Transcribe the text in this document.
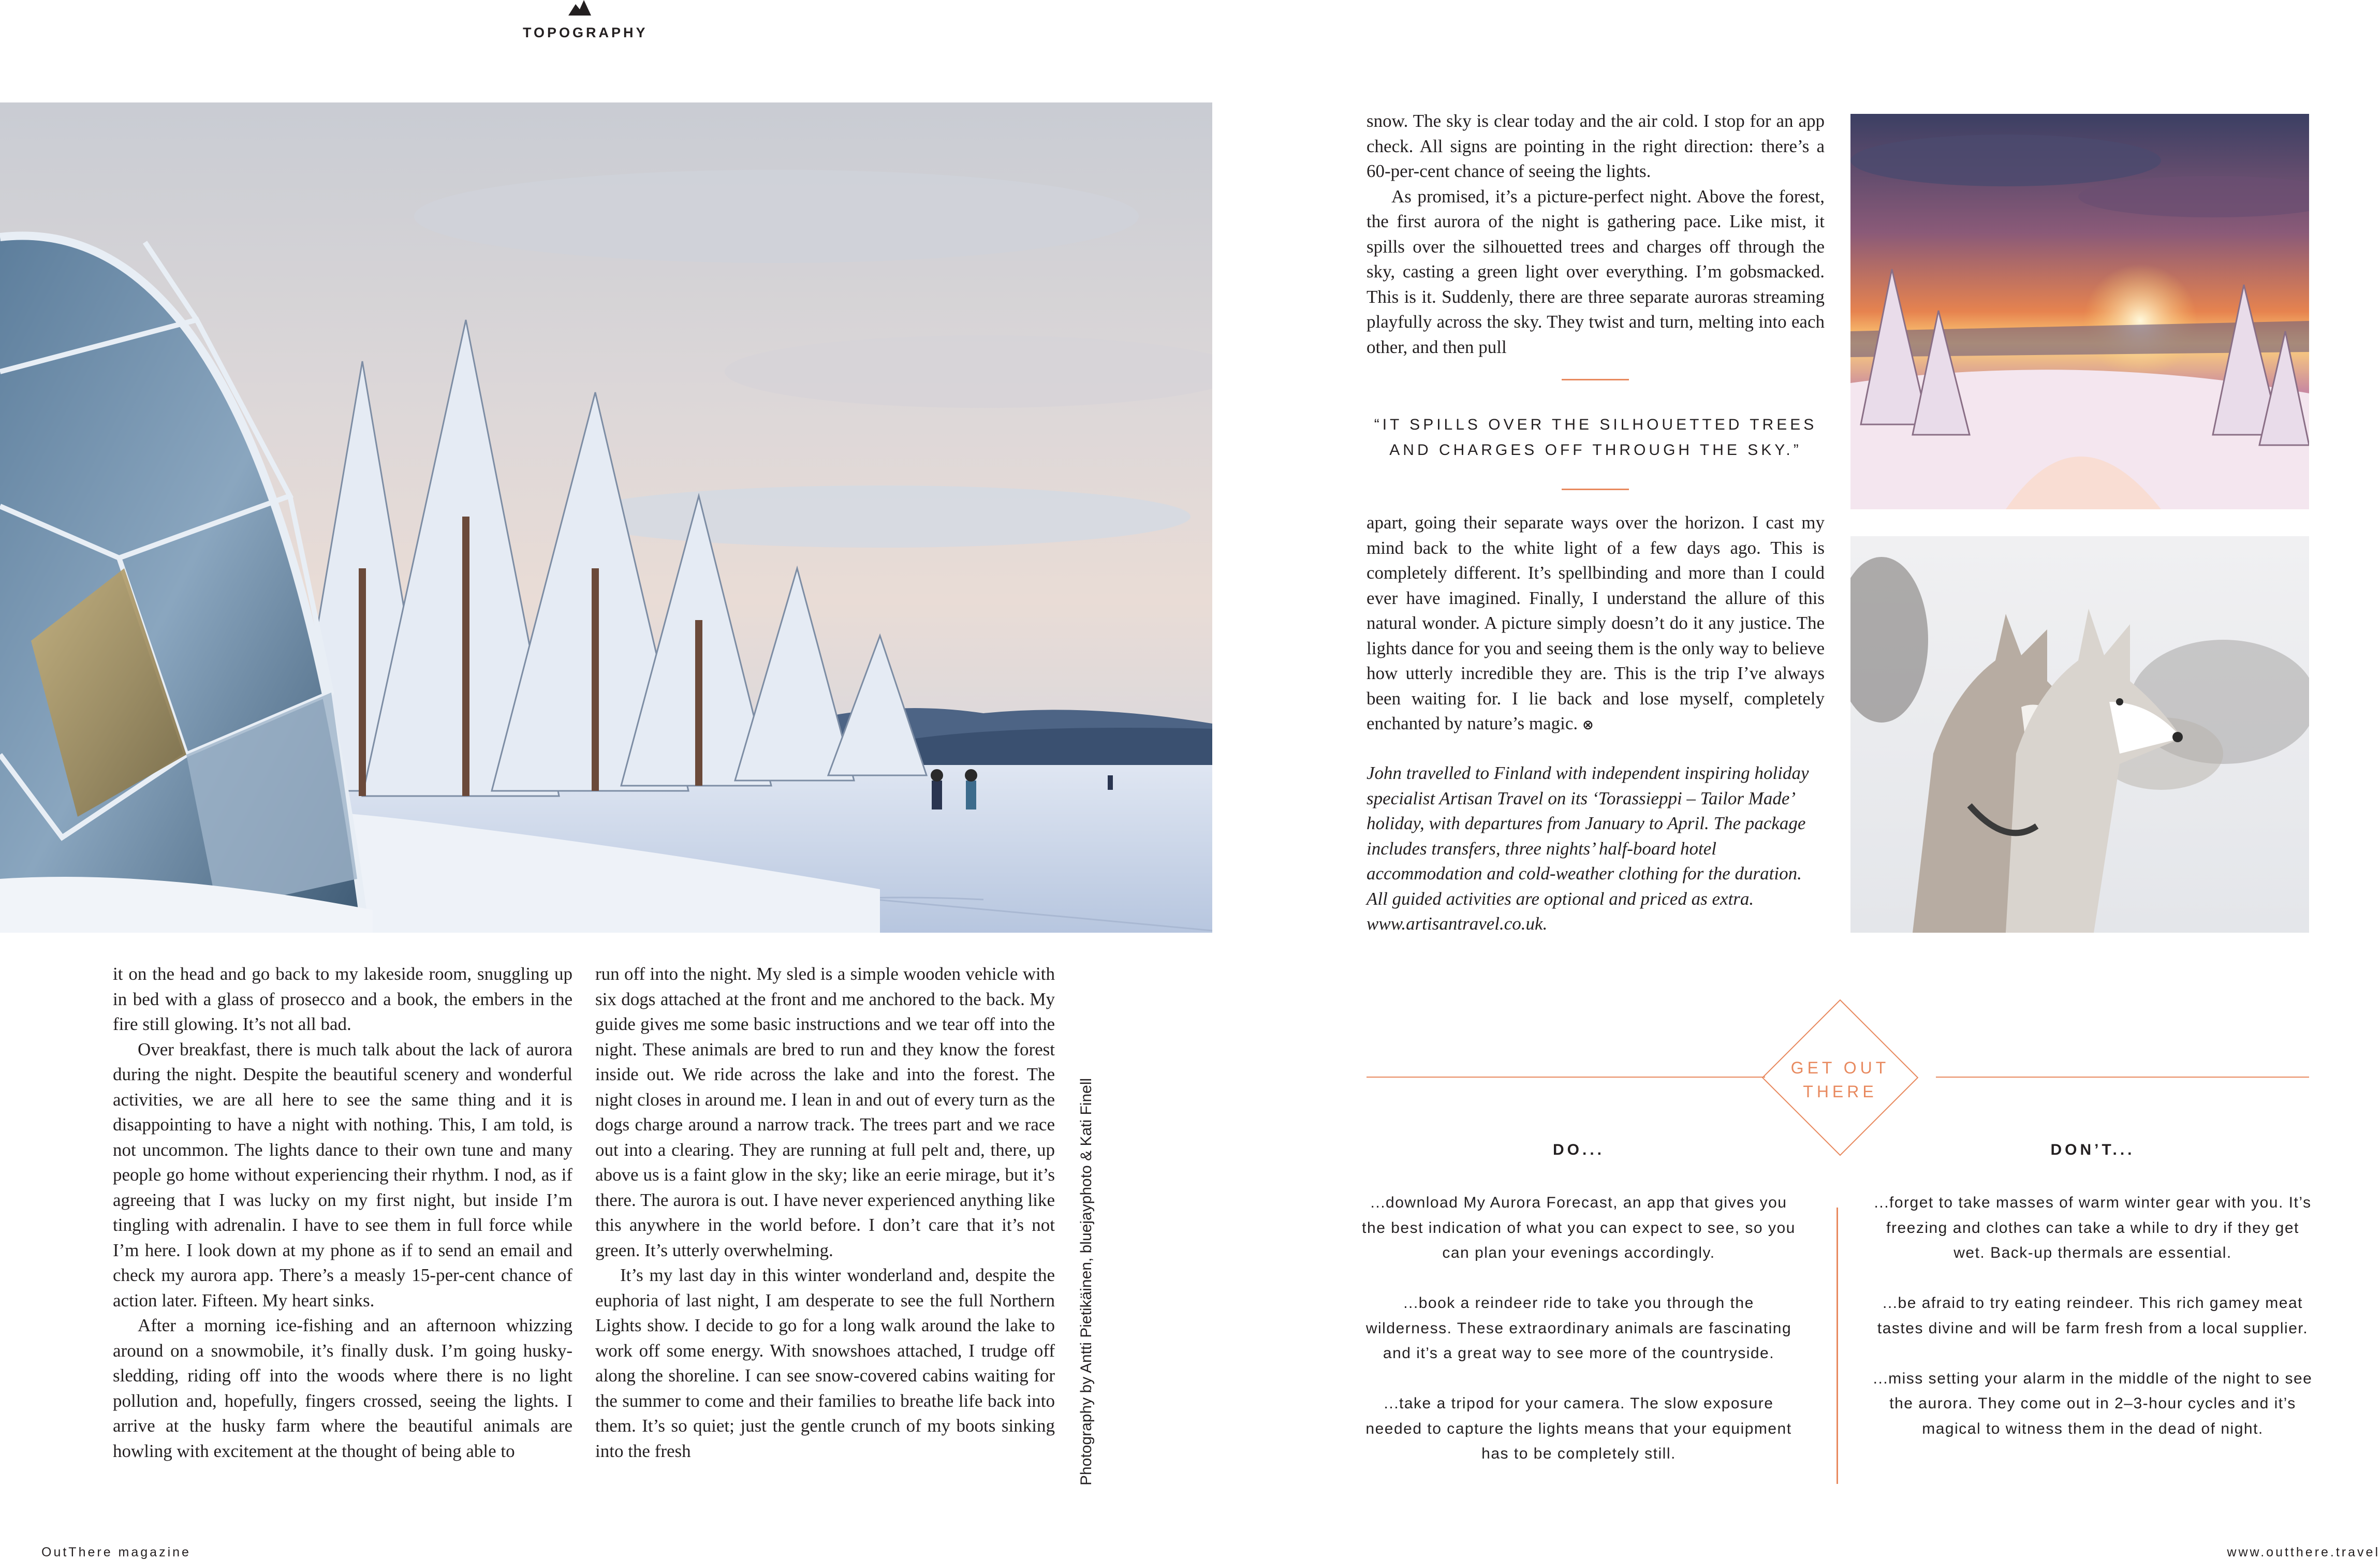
TOPOGRAPHY

it on the head and go back to my lakeside room, snuggling up in bed with a glass of prosecco and a book, the embers in the fire still glowing. It’s not all bad.

Over breakfast, there is much talk about the lack of aurora during the night. Despite the beautiful scenery and wonderful activities, we are all here to see the same thing and it is disappointing to have a night with nothing. This, I am told, is not uncommon. The lights dance to their own tune and many people go home without experiencing their rhythm. I nod, as if agreeing that I was lucky on my first night, but inside I’m tingling with adrenalin. I have to see them in full force while I’m here. I look down at my phone as if to send an email and check my aurora app. There’s a measly 15-per-cent chance of action later. Fifteen. My heart sinks.

After a morning ice-fishing and an afternoon whizzing around on a snowmobile, it’s finally dusk. I’m going husky-sledding, riding off into the woods where there is no light pollution and, hopefully, fingers crossed, seeing the lights. I arrive at the husky farm where the beautiful animals are howling with excitement at the thought of being able to

run off into the night. My sled is a simple wooden vehicle with six dogs attached at the front and me anchored to the back. My guide gives me some basic instructions and we tear off into the night. These animals are bred to run and they know the forest inside out. We ride across the lake and into the forest. The night closes in around me. I lean in and out of every turn as the dogs charge around a narrow track. The trees part and we race out into a clearing. They are running at full pelt and, there, up above us is a faint glow in the sky; like an eerie mirage, but it’s there. The aurora is out. I have never experienced anything like this anywhere in the world before. I don’t care that it’s not green. It’s utterly overwhelming.

It’s my last day in this winter wonderland and, despite the euphoria of last night, I am desperate to see the full Northern Lights show. I decide to go for a long walk around the lake to work off some energy. With snowshoes attached, I trudge off along the shoreline. I can see snow-covered cabins waiting for the summer to come and their families to breathe life back into them. It’s so quiet; just the gentle crunch of my boots sinking into the fresh	Photography by Antti Pietikäinen, bluejayphoto & Kati Finell

snow. The sky is clear today and the air cold. I stop for an app check. All signs are pointing in the right direction: there’s a 60-per-cent chance of seeing the lights.

As promised, it’s a picture-perfect night. Above the forest, the first aurora of the night is gathering pace. Like mist, it spills over the silhouetted trees and charges off through the sky, casting a green light over everything. I’m gobsmacked. This is it. Suddenly, there are three separate auroras streaming playfully across the sky. They twist and turn, melting into each other, and then pull

“IT SPILLS OVER THE SILHOUETTED TREES AND CHARGES OFF THROUGH THE SKY.”

apart, going their separate ways over the horizon. I cast my mind back to the white light of a few days ago. This is completely different. It’s spellbinding and more than I could ever have imagined. Finally, I understand the allure of this natural wonder. A picture simply doesn’t do it any justice. The lights dance for you and seeing them is the only way to believe how utterly incredible they are. This is the trip I’ve always been waiting for. I lie back and lose myself, completely enchanted by nature’s magic. ⊗

John travelled to Finland with independent inspiring holiday specialist Artisan Travel on its ‘Torassieppi – Tailor Made’ holiday, with departures from January to April. The package includes transfers, three nights’ half-board hotel accommodation and cold-weather clothing for the duration. All guided activities are optional and priced as extra. www.artisantravel.co.uk.

GET OUT THERE
DO...	DON’T...

...download My Aurora Forecast, an app that gives you the best indication of what you can expect to see, so you can plan your evenings accordingly.

...book a reindeer ride to take you through the wilderness. These extraordinary animals are fascinating and it’s a great way to see more of the countryside.

...take a tripod for your camera. The slow exposure needed to capture the lights means that your equipment has to be completely still.

...forget to take masses of warm winter gear with you. It’s freezing and clothes can take a while to dry if they get wet. Back-up thermals are essential.

...be afraid to try eating reindeer. This rich gamey meat tastes divine and will be farm fresh from a local supplier.

...miss setting your alarm in the middle of the night to see the aurora. They come out in 2–3-hour cycles and it’s magical to witness them in the dead of night.

OutThere magazine	www.outthere.travel
